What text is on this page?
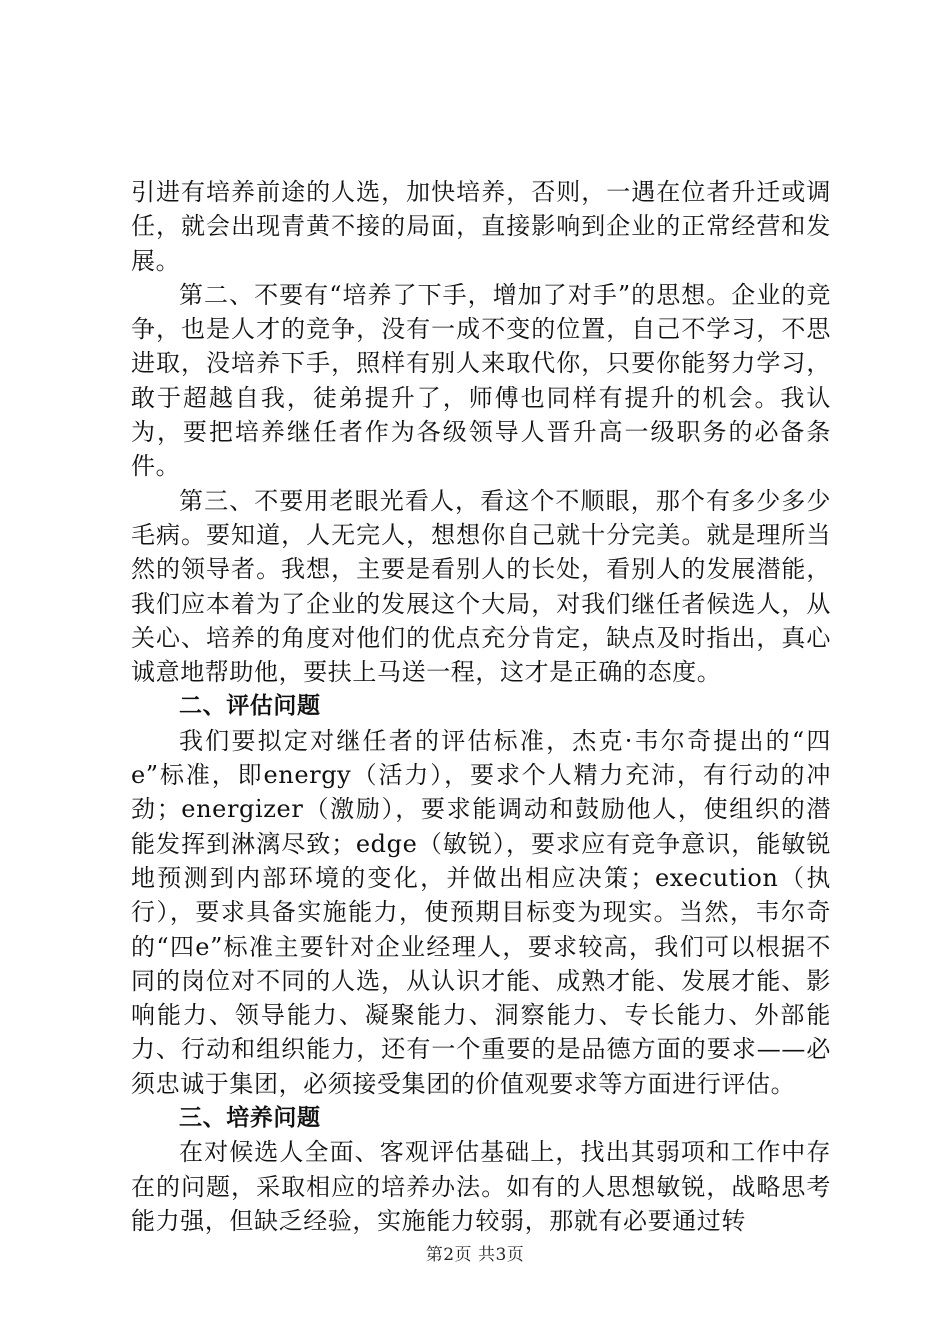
引进有培养前途的人选，加快培养，否则，一遇在位者升迁或调任，就会出现青黄不接的局面，直接影响到企业的正常经营和发展。

第二、不要有“培养了下手，增加了对手”的思想。企业的竞争，也是人才的竞争，没有一成不变的位置，自己不学习，不思进取，没培养下手，照样有别人来取代你，只要你能努力学习，敢于超越自我，徒弟提升了，师傅也同样有提升的机会。我认为，要把培养继任者作为各级领导人晋升高一级职务的必备条件。

第三、不要用老眼光看人，看这个不顺眼，那个有多少多少毛病。要知道，人无完人，想想你自己就十分完美。就是理所当然的领导者。我想，主要是看别人的长处，看别人的发展潜能，我们应本着为了企业的发展这个大局，对我们继任者候选人，从关心、培养的角度对他们的优点充分肯定，缺点及时指出，真心诚意地帮助他，要扶上马送一程，这才是正确的态度。

二、评估问题

我们要拟定对继任者的评估标准，杰克·韦尔奇提出的“四e”标准，即energy（活力），要求个人精力充沛，有行动的冲劲；energizer（激励），要求能调动和鼓励他人，使组织的潜能发挥到淋漓尽致；edge（敏锐），要求应有竞争意识，能敏锐地预测到内部环境的变化，并做出相应决策；execution（执行），要求具备实施能力，使预期目标变为现实。当然，韦尔奇的“四e”标准主要针对企业经理人，要求较高，我们可以根据不同的岗位对不同的人选，从认识才能、成熟才能、发展才能、影响能力、领导能力、凝聚能力、洞察能力、专长能力、外部能力、行动和组织能力，还有一个重要的是品德方面的要求——必须忠诚于集团，必须接受集团的价值观要求等方面进行评估。

三、培养问题

在对候选人全面、客观评估基础上，找出其弱项和工作中存在的问题，采取相应的培养办法。如有的人思想敏锐，战略思考能力强，但缺乏经验，实施能力较弱，那就有必要通过转

第2页 共3页
